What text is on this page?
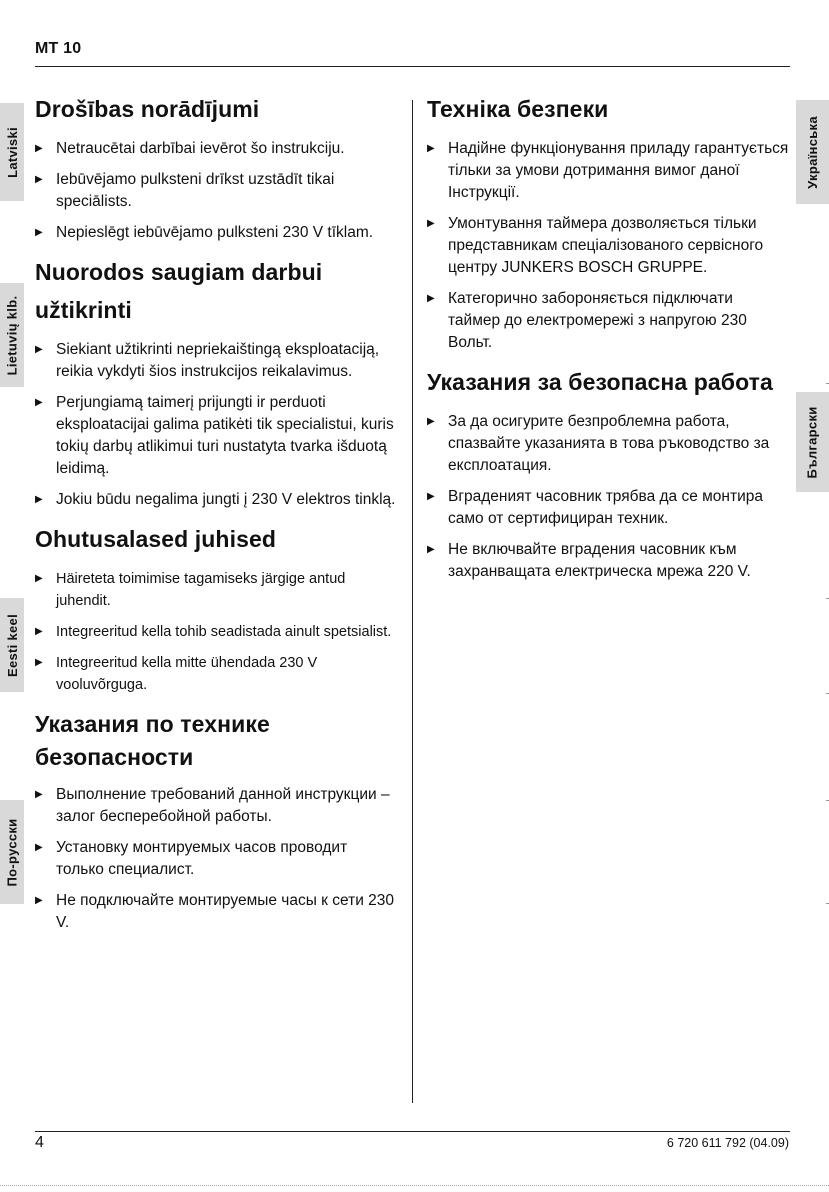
MT 10
Latviski
Lietuvių klb.
Eesti keel
По-русски
Українська
Български
Drošības norādījumi
▶ Netraucētai darbībai ievērot šo instrukciju.
▶ Iebūvējamo pulksteni drīkst uzstādīt tikai speciālists.
▶ Nepieslēgt iebūvējamo pulksteni 230 V tīklam.
Nuorodos saugiam darbui užtikrinti
▶ Siekiant užtikrinti nepriekaištingą eksploataciją, reikia vykdyti šios instrukcijos reikalavimus.
▶ Perjungiamą taimerį prijungti ir perduoti eksploatacijai galima patikėti tik specialistui, kuris tokių darbų atlikimui turi nustatyta tvarka išduotą leidimą.
▶ Jokiu būdu negalima jungti į 230 V elektros tinklą.
Ohutusalased juhised
▶ Häireteta toimimise tagamiseks järgige antud juhendit.
▶ Integreeritud kella tohib seadistada ainult spetsialist.
▶ Integreeritud kella mitte ühendada 230 V vooluvõrguga.
Указания по технике безопасности
▶ Выполнение требований данной инструкции – залог бесперебойной работы.
▶ Установку монтируемых часов проводит только специалист.
▶ Не подключайте монтируемые часы к сети 230 V.
Техніка безпеки
▶ Надійне функціонування приладу гарантується тільки за умови дотримання вимог даної Інструкції.
▶ Умонтування таймера дозволяється тільки представникам спеціалізованого сервісного центру JUNKERS BOSCH GRUPPE.
▶ Категорично забороняється підключати таймер до електромережі з напругою 230 Вольт.
Указания за безопасна работа
▶ За да осигурите безпроблемна работа, спазвайте указанията в това ръководство за експлоатация.
▶ Вграденият часовник трябва да се монтира само от сертифициран техник.
▶ Не включвайте вградения часовник към захранващата електрическа мрежа 220 V.
4	6 720 611 792 (04.09)
